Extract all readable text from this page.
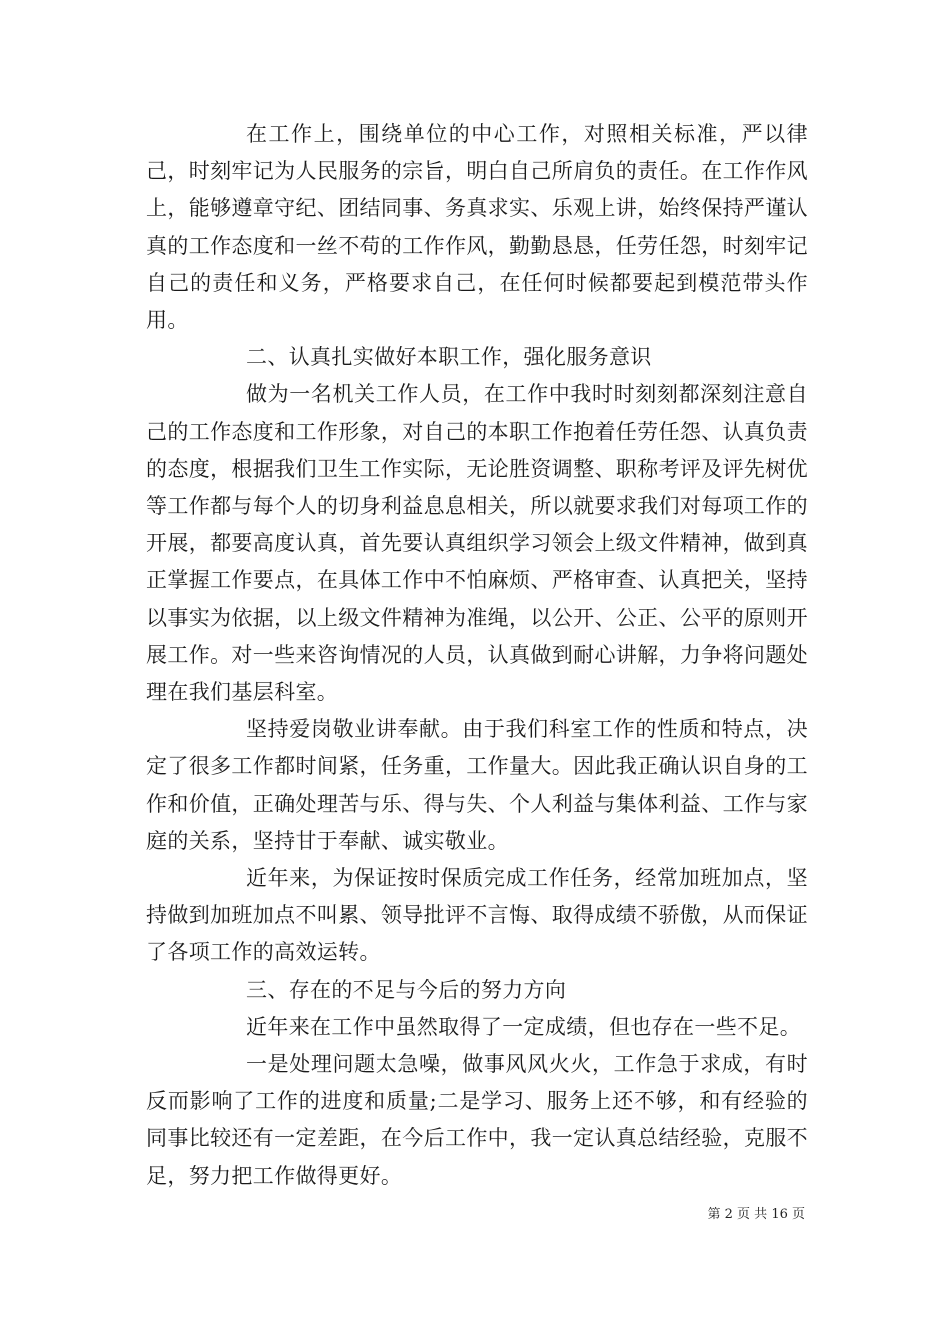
在工作上，围绕单位的中心工作，对照相关标准，严以律己，时刻牢记为人民服务的宗旨，明白自己所肩负的责任。在工作作风上，能够遵章守纪、团结同事、务真求实、乐观上讲，始终保持严谨认真的工作态度和一丝不苟的工作作风，勤勤恳恳，任劳任怨，时刻牢记自己的责任和义务，严格要求自己，在任何时候都要起到模范带头作用。

二、认真扎实做好本职工作，强化服务意识

做为一名机关工作人员，在工作中我时时刻刻都深刻注意自己的工作态度和工作形象，对自己的本职工作抱着任劳任怨、认真负责的态度，根据我们卫生工作实际，无论胜资调整、职称考评及评先树优等工作都与每个人的切身利益息息相关，所以就要求我们对每项工作的开展，都要高度认真，首先要认真组织学习领会上级文件精神，做到真正掌握工作要点，在具体工作中不怕麻烦、严格审查、认真把关，坚持以事实为依据，以上级文件精神为准绳，以公开、公正、公平的原则开展工作。对一些来咨询情况的人员，认真做到耐心讲解，力争将问题处理在我们基层科室。

坚持爱岗敬业讲奉献。由于我们科室工作的性质和特点，决定了很多工作都时间紧，任务重，工作量大。因此我正确认识自身的工作和价值，正确处理苦与乐、得与失、个人利益与集体利益、工作与家庭的关系，坚持甘于奉献、诚实敬业。

近年来，为保证按时保质完成工作任务，经常加班加点，坚持做到加班加点不叫累、领导批评不言悔、取得成绩不骄傲，从而保证了各项工作的高效运转。

三、存在的不足与今后的努力方向

近年来在工作中虽然取得了一定成绩，但也存在一些不足。

一是处理问题太急噪，做事风风火火，工作急于求成，有时反而影响了工作的进度和质量;二是学习、服务上还不够，和有经验的同事比较还有一定差距，在今后工作中，我一定认真总结经验，克服不足，努力把工作做得更好。

第 2 页 共 16 页
